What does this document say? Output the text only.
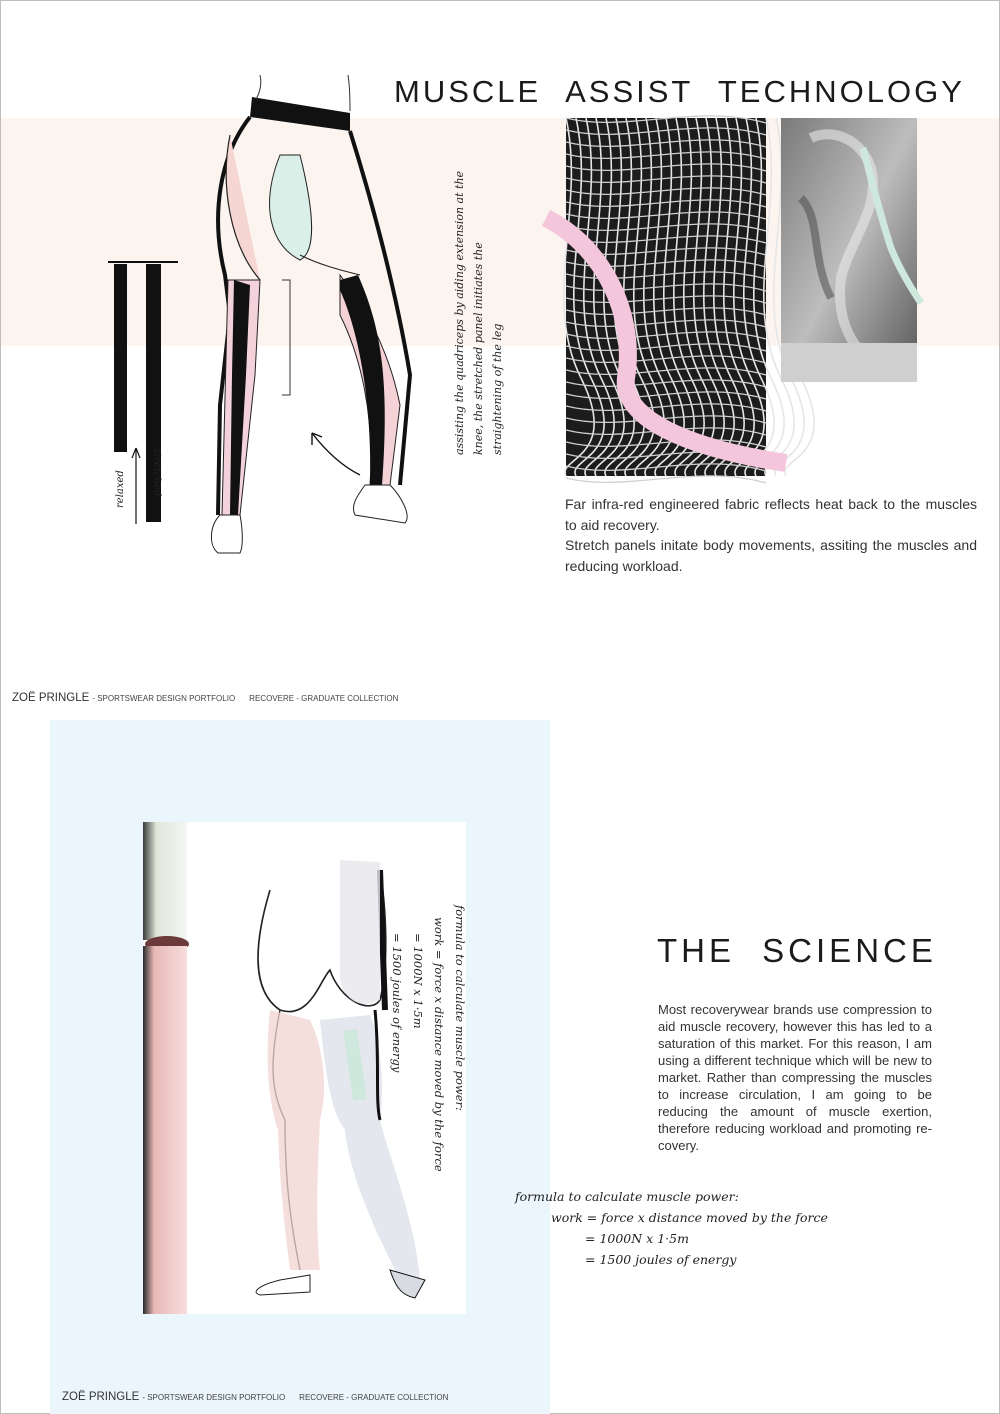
MUSCLE ASSIST TECHNOLOGY
relaxed	stretched
assisting the quadriceps by aiding extension at the knee, the stretched panel initiates the straightening of the leg

Far infra-red engineered fabric reflects heat back to the muscles to aid recovery.

Stretch panels initate body movements, assiting the muscles and reducing workload.

ZOË PRINGLE - SPORTSWEAR DESIGN PORTFOLIO RECOVERE - GRADUATE COLLECTION
formula to calculate muscle power:
work = force x distance moved by the force
= 1000N x 1·5m
= 1500 joules of energy	THE SCIENCE

Most recoverywear brands use compression to aid muscle recovery, however this has led to a saturation of this market. For this reason, I am using a different technique which will be new to market. Rather than compressing the muscles to increase circulation, I am going to be reducing the amount of muscle exertion, therefore reducing workload and promoting re-covery.

formula to calculate muscle power:
work = force x distance moved by the force
= 1000N x 1·5m
= 1500 joules of energy
ZOË PRINGLE - SPORTSWEAR DESIGN PORTFOLIO RECOVERE - GRADUATE COLLECTION
